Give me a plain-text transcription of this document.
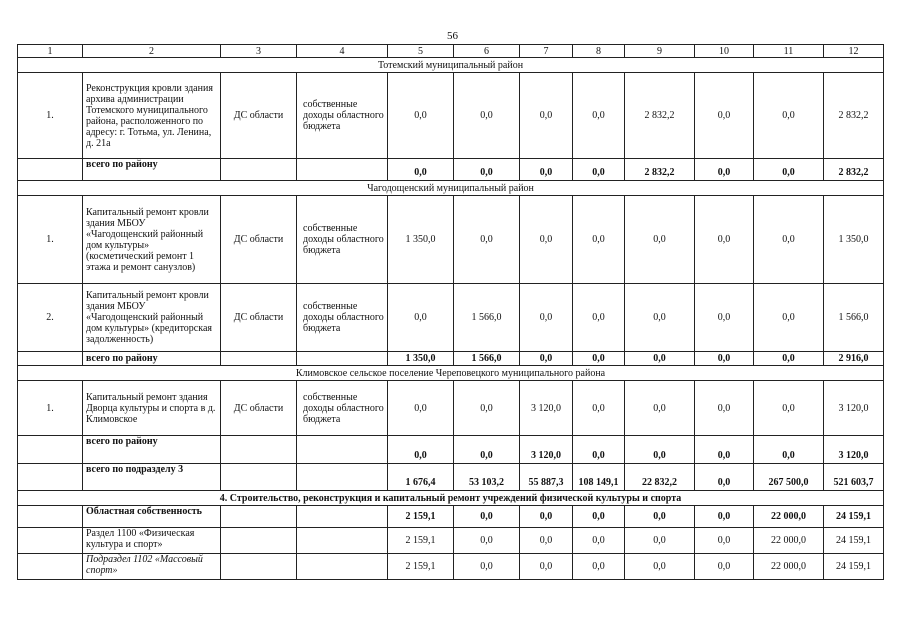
56
1	2	3	4	5	6	7	8	9	10	11	12
Тотемский муниципальный район											
1.	Реконструкция кровли здания архива администрации Тотемского муниципального района, расположенного по адресу: г. Тотьма, ул. Ленина, д. 21а	ДС области	собственные доходы областного бюджета	0,0	0,0	0,0	0,0	2 832,2	0,0	0,0	2 832,2
	всего по району			0,0	0,0	0,0	0,0	2 832,2	0,0	0,0	2 832,2
Чагодощенский муниципальный район											
1.	Капитальный ремонт кровли здания МБОУ «Чагодощенский районный дом культуры» (косметический ремонт 1 этажа и ремонт санузлов)	ДС области	собственные доходы областного бюджета	1 350,0	0,0	0,0	0,0	0,0	0,0	0,0	1 350,0
2.	Капитальный ремонт кровли здания МБОУ «Чагодощенский районный дом культуры» (кредиторская задолженность)	ДС области	собственные доходы областного бюджета	0,0	1 566,0	0,0	0,0	0,0	0,0	0,0	1 566,0
	всего по району			1 350,0	1 566,0	0,0	0,0	0,0	0,0	0,0	2 916,0
Климовское сельское поселение Череповецкого муниципального района											
1.	Капитальный ремонт здания Дворца культуры и спорта в д. Климовское	ДС области	собственные доходы областного бюджета	0,0	0,0	3 120,0	0,0	0,0	0,0	0,0	3 120,0
	всего по району			0,0	0,0	3 120,0	0,0	0,0	0,0	0,0	3 120,0
	всего по подразделу 3			1 676,4	53 103,2	55 887,3	108 149,1	22 832,2	0,0	267 500,0	521 603,7
4. Строительство, реконструкция и капитальный ремонт учреждений физической культуры и спорта											
	Областная собственность			2 159,1	0,0	0,0	0,0	0,0	0,0	22 000,0	24 159,1
	Раздел 1100 «Физическая культура и спорт»			2 159,1	0,0	0,0	0,0	0,0	0,0	22 000,0	24 159,1
	Подраздел 1102 «Массовый спорт»			2 159,1	0,0	0,0	0,0	0,0	0,0	22 000,0	24 159,1
